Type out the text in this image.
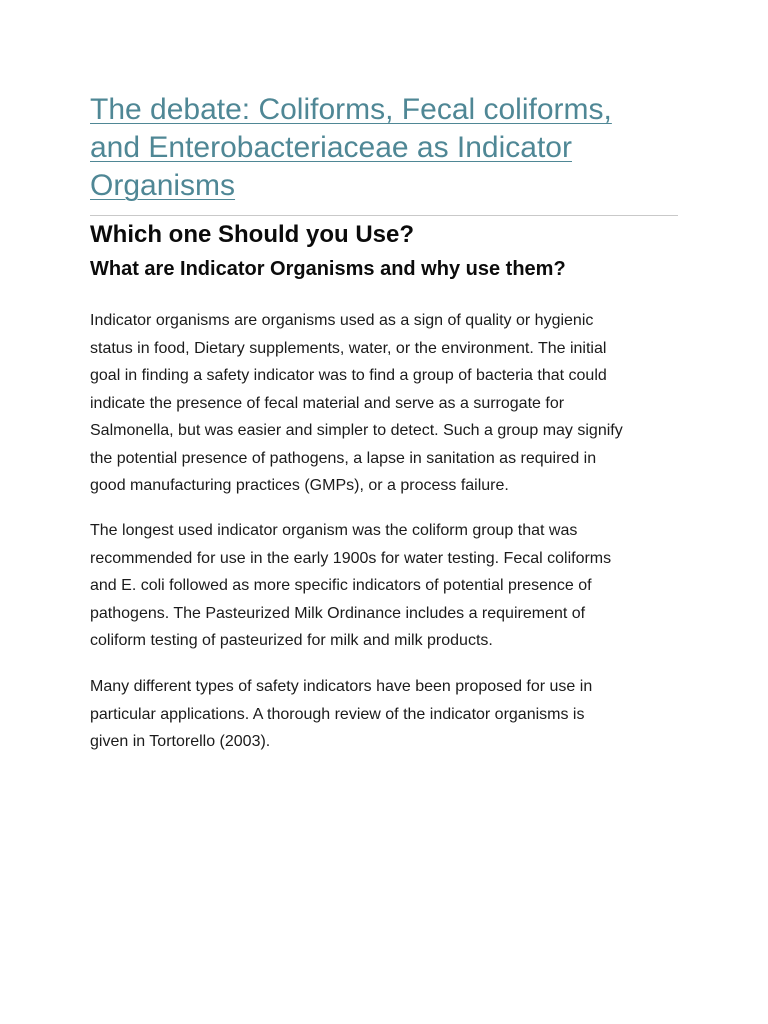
The debate: Coliforms, Fecal coliforms,
and Enterobacteriaceae as Indicator
Organisms
Which one Should you Use?
What are Indicator Organisms and why use them?

Indicator organisms are organisms used as a sign of quality or hygienic
status in food, Dietary supplements, water, or the environment. The initial
goal in finding a safety indicator was to find a group of bacteria that could
indicate the presence of fecal material and serve as a surrogate for
Salmonella, but was easier and simpler to detect. Such a group may signify
the potential presence of pathogens, a lapse in sanitation as required in
good manufacturing practices (GMPs), or a process failure.

The longest used indicator organism was the coliform group that was
recommended for use in the early 1900s for water testing. Fecal coliforms
and E. coli followed as more specific indicators of potential presence of
pathogens. The Pasteurized Milk Ordinance includes a requirement of
coliform testing of pasteurized for milk and milk products.

Many different types of safety indicators have been proposed for use in
particular applications. A thorough review of the indicator organisms is
given in Tortorello (2003).
